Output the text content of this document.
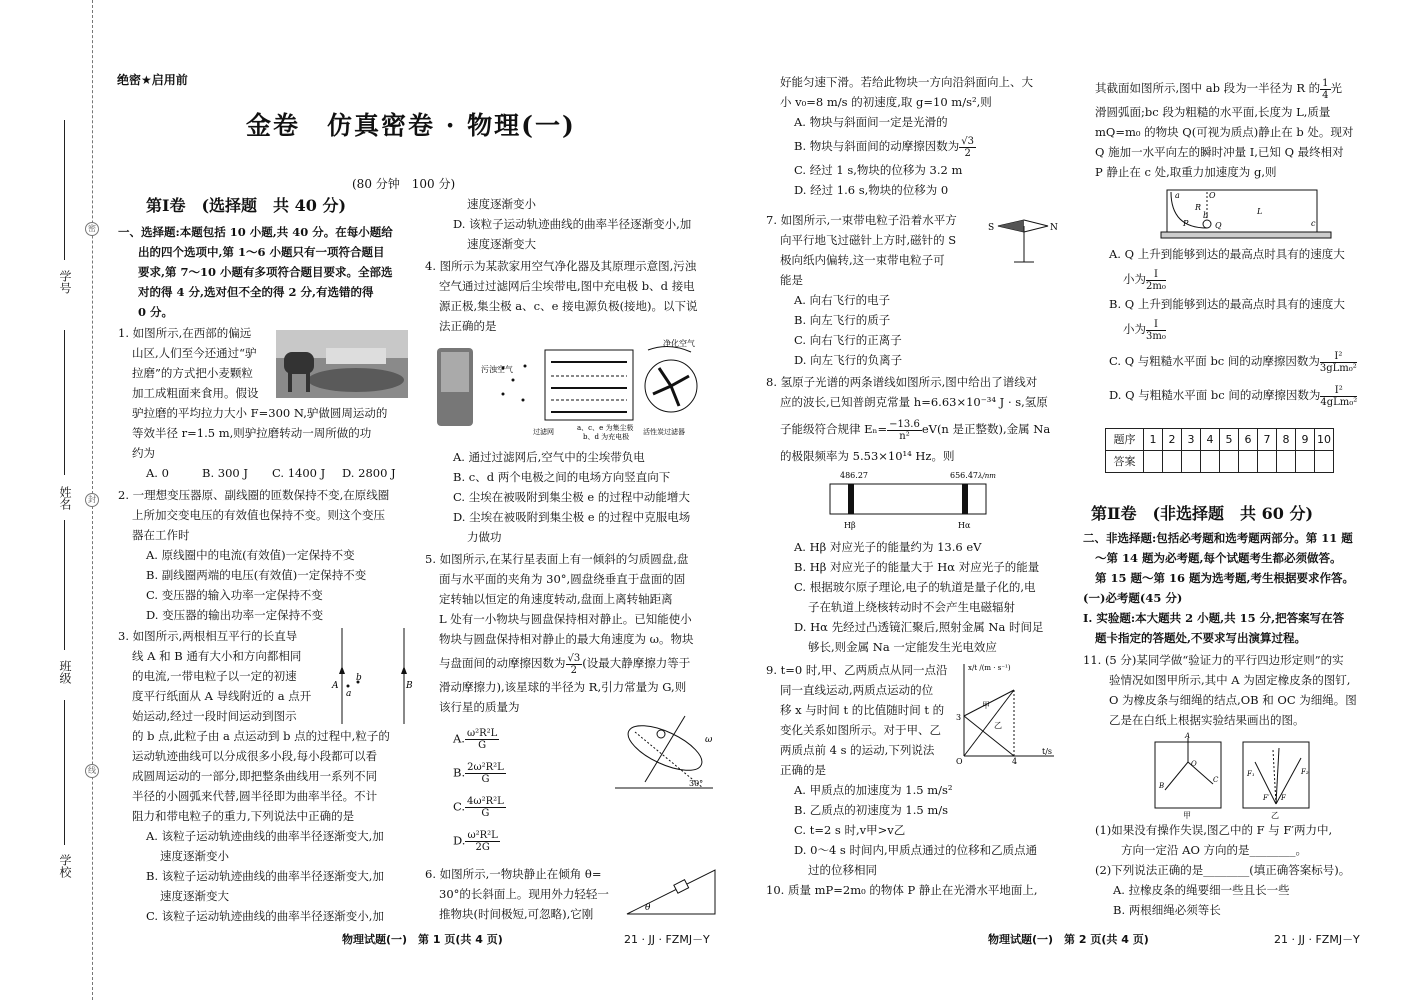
密
封
线
学号
姓名
班级
学校
绝密★启用前
金卷　仿真密卷 · 物理(一)
(80 分钟　100 分)
第Ⅰ卷　(选择题　共 40 分)

一、选择题:本题包括 10 小题,共 40 分。在每小题给

出的四个选项中,第 1～6 小题只有一项符合题目

要求,第 7～10 小题有多项符合题目要求。全部选

对的得 4 分,选对但不全的得 2 分,有选错的得

0 分。

1. 如图所示,在西部的偏远

山区,人们至今还通过“驴

拉磨”的方式把小麦颗粒

加工成粗面来食用。假设

驴拉磨的平均拉力大小 F=300 N,驴做圆周运动的

等效半径 r=1.5 m,则驴拉磨转动一周所做的功

约为

A. 0	B. 300 J C. 1400 J D. 2800 J

2. 一理想变压器原、副线圈的匝数保持不变,在原线圈

上所加交变电压的有效值也保持不变。则这个变压

器在工作时

A. 原线圈中的电流(有效值)一定保持不变

B. 副线圈两端的电压(有效值)一定保持不变

C. 变压器的输入功率一定保持不变

D. 变压器的输出功率一定保持不变

3. 如图所示,两根相互平行的长直导

线 A 和 B 通有大小和方向都相同

的电流,一带电粒子以一定的初速

度平行纸面从 A 导线附近的 a 点开

始运动,经过一段时间运动到图示

的 b 点,此粒子由 a 点运动到 b 点的过程中,粒子的

运动轨迹曲线可以分成很多小段,每小段都可以看

成圆周运动的一部分,即把整条曲线用一系列不同

半径的小圆弧来代替,圆半径即为曲率半径。不计

阻力和带电粒子的重力,下列说法中正确的是

A. 该粒子运动轨迹曲线的曲率半径逐渐变大,加

速度逐渐变小

B. 该粒子运动轨迹曲线的曲率半径逐渐变大,加

速度逐渐变大

C. 该粒子运动轨迹曲线的曲率半径逐渐变小,加

A	B
a
b

速度逐渐变小

D. 该粒子运动轨迹曲线的曲率半径逐渐变小,加

速度逐渐变大

4. 图所示为某款家用空气净化器及其原理示意图,污浊

空气通过过滤网后尘埃带电,图中充电极 b、d 接电

源正极,集尘极 a、c、e 接电源负极(接地)。以下说

法正确的是

净化空气
污浊空气
过滤网	a、c、e 为集尘极
b、d 为充电极
活性炭过滤器

A. 通过过滤网后,空气中的尘埃带负电

B. c、d 两个电极之间的电场方向竖直向下

C. 尘埃在被吸附到集尘极 e 的过程中动能增大

D. 尘埃在被吸附到集尘极 e 的过程中克服电场

力做功

5. 如图所示,在某行星表面上有一倾斜的匀质圆盘,盘

面与水平面的夹角为 30°,圆盘绕垂直于盘面的固

定转轴以恒定的角速度转动,盘面上离转轴距离

L 处有一小物块与圆盘保持相对静止。已知能使小

物块与圆盘保持相对静止的最大角速度为 ω。物块

与盘面间的动摩擦因数为 $\frac{√3}{2}$ (设最大静摩擦力等于

滑动摩擦力),该星球的半径为 R,引力常量为 G,则

该行星的质量为

A. $\frac{\text{ω²R²L}}{G}$
B. $\frac{\text{2ω²R²L}}{G}$
C. $\frac{\text{4ω²R²L}}{G}$
D. $\frac{\text{ω²R²L}}{2G}$
30°
ω

6. 如图所示,一物块静止在倾角 θ=

30°的长斜面上。现用外力轻轻一

推物块(时间极短,可忽略),它刚	θ
物理试题(一)　第 1 页(共 4 页)	21 · JJ · FZMJ－Y

好能匀速下滑。若给此物块一方向沿斜面向上、大

小 v₀=8 m/s 的初速度,取 g=10 m/s²,则

A. 物块与斜面间一定是光滑的

B. 物块与斜面间的动摩擦因数为 $\frac{√3}{2}$

C. 经过 1 s,物块的位移为 3.2 m

D. 经过 1.6 s,物块的位移为 0

7. 如图所示,一束带电粒子沿着水平方

向平行地飞过磁针上方时,磁针的 S

极向纸内偏转,这一束带电粒子可

能是

A. 向右飞行的电子

B. 向左飞行的质子

C. 向右飞行的正离子

D. 向左飞行的负离子

S	N

8. 氢原子光谱的两条谱线如图所示,图中给出了谱线对

应的波长,已知普朗克常量 h=6.63×10⁻³⁴ J · s,氢原

子能级符合规律 $E_n= \frac{-13.6}{\text{n²}} eV(n$ 是正整数),金属 Na

的极限频率为 5.53×10¹⁴ Hz。则

486.27	656.47 λ/nm
Hβ	Hα

A. Hβ 对应光子的能量约为 13.6 eV

B. Hβ 对应光子的能量大于 Hα 对应光子的能量

C. 根据玻尔原子理论,电子的轨道是量子化的,电

子在轨道上绕核转动时不会产生电磁辐射

D. Hα 先经过凸透镜汇聚后,照射金属 Na 时间足

够长,则金属 Na 一定能发生光电效应

9. t=0 时,甲、乙两质点从同一点沿

同一直线运动,两质点运动的位

移 x 与时间 t 的比值随时间 t 的

变化关系如图所示。对于甲、乙

两质点前 4 s 的运动,下列说法

正确的是

A. 甲质点的加速度为 1.5 m/s²

B. 乙质点的初速度为 1.5 m/s

C. t=2 s 时,v甲>v乙

D. 0～4 s 时间内,甲质点通过的位移和乙质点通

过的位移相同

10. 质量 mP=2m₀ 的物体 P 静止在光滑水平地面上,

x/t /(m · s⁻¹)
t/s
3
4
O
甲
乙

其截面如图所示,图中 ab 段为一半径为 R 的 $\frac{1}{4}$ 光

滑圆弧面;bc 段为粗糙的水平面,长度为 L,质量

mQ=m₀ 的物块 Q(可视为质点)静止在 b 处。现对

Q 施加一水平向左的瞬时冲量 I,已知 Q 最终相对

P 静止在 c 处,取重力加速度为 g,则

a	O
R
b
c
L
P	Q

A. Q 上升到能够到达的最高点时具有的速度大

小为 $\frac{I}{\text{2m₀}}$

B. Q 上升到能够到达的最高点时具有的速度大

小为 $\frac{I}{\text{3m₀}}$

C. Q 与粗糙水平面 bc 间的动摩擦因数为 $\frac{\text{I²}}{\text{3gLm₀²}}$

D. Q 与粗糙水平面 bc 间的动摩擦因数为 $\frac{\text{I²}}{\text{4gLm₀²}}$

题序	1	2	3	4	5	6	7	8	9	10
答案										
第Ⅱ卷　(非选择题　共 60 分)

二、非选择题:包括必考题和选考题两部分。第 11 题

～第 14 题为必考题,每个试题考生都必须做答。

第 15 题～第 16 题为选考题,考生根据要求作答。

(一)必考题(45 分)

Ⅰ. 实验题:本大题共 2 小题,共 15 分,把答案写在答

题卡指定的答题处,不要求写出演算过程。

11. (5 分)某同学做“验证力的平行四边形定则”的实

验情况如图甲所示,其中 A 为固定橡皮条的图钉,

O 为橡皮条与细绳的结点,OB 和 OC 为细绳。图

乙是在白纸上根据实验结果画出的图。

A
O
B
C
F₁	F₂
F
F′
甲	乙

(1)如果没有操作失误,图乙中的 F 与 F′两力中,

方向一定沿 AO 方向的是________。

(2)下列说法正确的是________(填正确答案标号)。

A. 拉橡皮条的绳要细一些且长一些

B. 两根细绳必须等长

物理试题(一)　第 2 页(共 4 页)	21 · JJ · FZMJ－Y
